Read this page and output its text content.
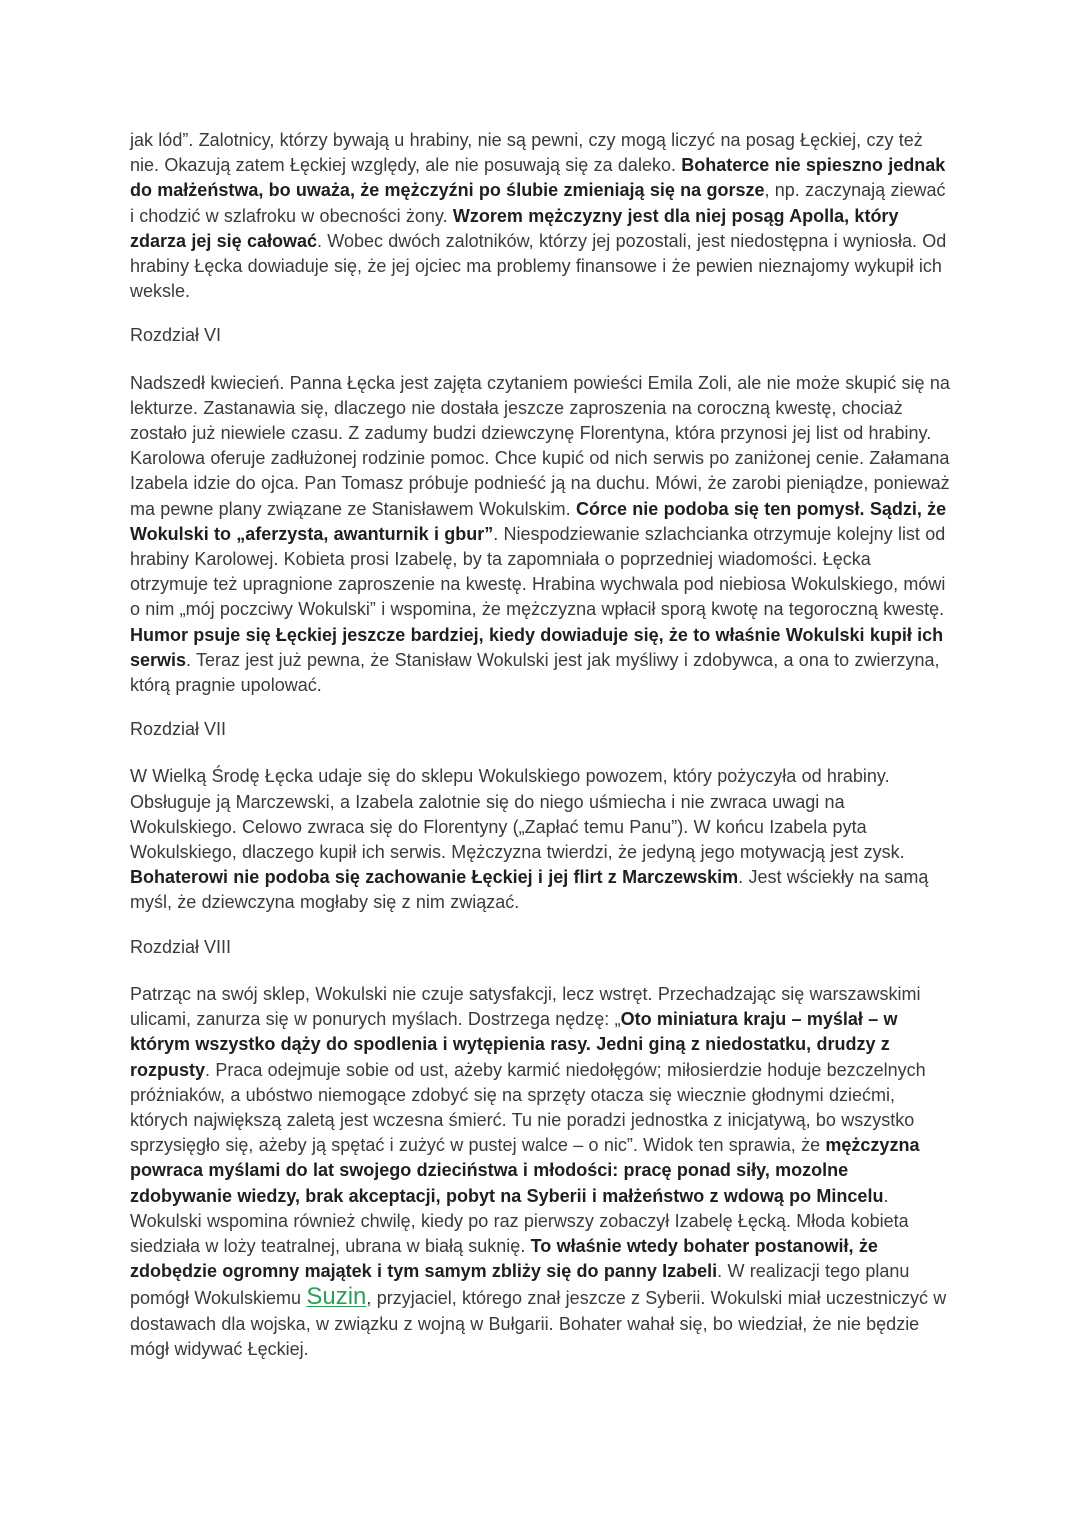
jak lód”. Zalotnicy, którzy bywają u hrabiny, nie są pewni, czy mogą liczyć na posag Łęckiej, czy też nie. Okazują zatem Łęckiej względy, ale nie posuwają się za daleko. Bohaterce nie spieszno jednak do małżeństwa, bo uważa, że mężczyźni po ślubie zmieniają się na gorsze, np. zaczynają ziewać i chodzić w szlafroku w obecności żony. Wzorem mężczyzny jest dla niej posąg Apolla, który zdarza jej się całować. Wobec dwóch zalotników, którzy jej pozostali, jest niedostępna i wyniosła. Od hrabiny Łęcka dowiaduje się, że jej ojciec ma problemy finansowe i że pewien nieznajomy wykupił ich weksle.

Rozdział VI

Nadszedł kwiecień. Panna Łęcka jest zajęta czytaniem powieści Emila Zoli, ale nie może skupić się na lekturze. Zastanawia się, dlaczego nie dostała jeszcze zaproszenia na coroczną kwestę, chociaż zostało już niewiele czasu. Z zadumy budzi dziewczynę Florentyna, która przynosi jej list od hrabiny. Karolowa oferuje zadłużonej rodzinie pomoc. Chce kupić od nich serwis po zaniżonej cenie. Załamana Izabela idzie do ojca. Pan Tomasz próbuje podnieść ją na duchu. Mówi, że zarobi pieniądze, ponieważ ma pewne plany związane ze Stanisławem Wokulskim. Córce nie podoba się ten pomysł. Sądzi, że Wokulski to „aferzysta, awanturnik i gbur”. Niespodziewanie szlachcianka otrzymuje kolejny list od hrabiny Karolowej. Kobieta prosi Izabelę, by ta zapomniała o poprzedniej wiadomości. Łęcka otrzymuje też upragnione zaproszenie na kwestę. Hrabina wychwala pod niebiosa Wokulskiego, mówi o nim „mój poczciwy Wokulski” i wspomina, że mężczyzna wpłacił sporą kwotę na tegoroczną kwestę. Humor psuje się Łęckiej jeszcze bardziej, kiedy dowiaduje się, że to właśnie Wokulski kupił ich serwis. Teraz jest już pewna, że Stanisław Wokulski jest jak myśliwy i zdobywca, a ona to zwierzyna, którą pragnie upolować.

Rozdział VII

W Wielką Środę Łęcka udaje się do sklepu Wokulskiego powozem, który pożyczyła od hrabiny. Obsługuje ją Marczewski, a Izabela zalotnie się do niego uśmiecha i nie zwraca uwagi na Wokulskiego. Celowo zwraca się do Florentyny („Zapłać temu Panu”). W końcu Izabela pyta Wokulskiego, dlaczego kupił ich serwis. Mężczyzna twierdzi, że jedyną jego motywacją jest zysk. Bohaterowi nie podoba się zachowanie Łęckiej i jej flirt z Marczewskim. Jest wściekły na samą myśl, że dziewczyna mogłaby się z nim związać.

Rozdział VIII

Patrząc na swój sklep, Wokulski nie czuje satysfakcji, lecz wstręt. Przechadzając się warszawskimi ulicami, zanurza się w ponurych myślach. Dostrzega nędzę: „Oto miniatura kraju – myślał – w którym wszystko dąży do spodlenia i wytępienia rasy. Jedni giną z niedostatku, drudzy z rozpusty. Praca odejmuje sobie od ust, ażeby karmić niedołęgów; miłosierdzie hoduje bezczelnych próżniaków, a ubóstwo niemogące zdobyć się na sprzęty otacza się wiecznie głodnymi dziećmi, których największą zaletą jest wczesna śmierć. Tu nie poradzi jednostka z inicjatywą, bo wszystko sprzysięgło się, ażeby ją spętać i zużyć w pustej walce – o nic”. Widok ten sprawia, że mężczyzna powraca myślami do lat swojego dzieciństwa i młodości: pracę ponad siły, mozolne zdobywanie wiedzy, brak akceptacji, pobyt na Syberii i małżeństwo z wdową po Mincelu. Wokulski wspomina również chwilę, kiedy po raz pierwszy zobaczył Izabelę Łęcką. Młoda kobieta siedziała w loży teatralnej, ubrana w białą suknię. To właśnie wtedy bohater postanowił, że zdobędzie ogromny majątek i tym samym zbliży się do panny Izabeli. W realizacji tego planu pomógł Wokulskiemu Suzin, przyjaciel, którego znał jeszcze z Syberii. Wokulski miał uczestniczyć w dostawach dla wojska, w związku z wojną w Bułgarii. Bohater wahał się, bo wiedział, że nie będzie mógł widywać Łęckiej.
